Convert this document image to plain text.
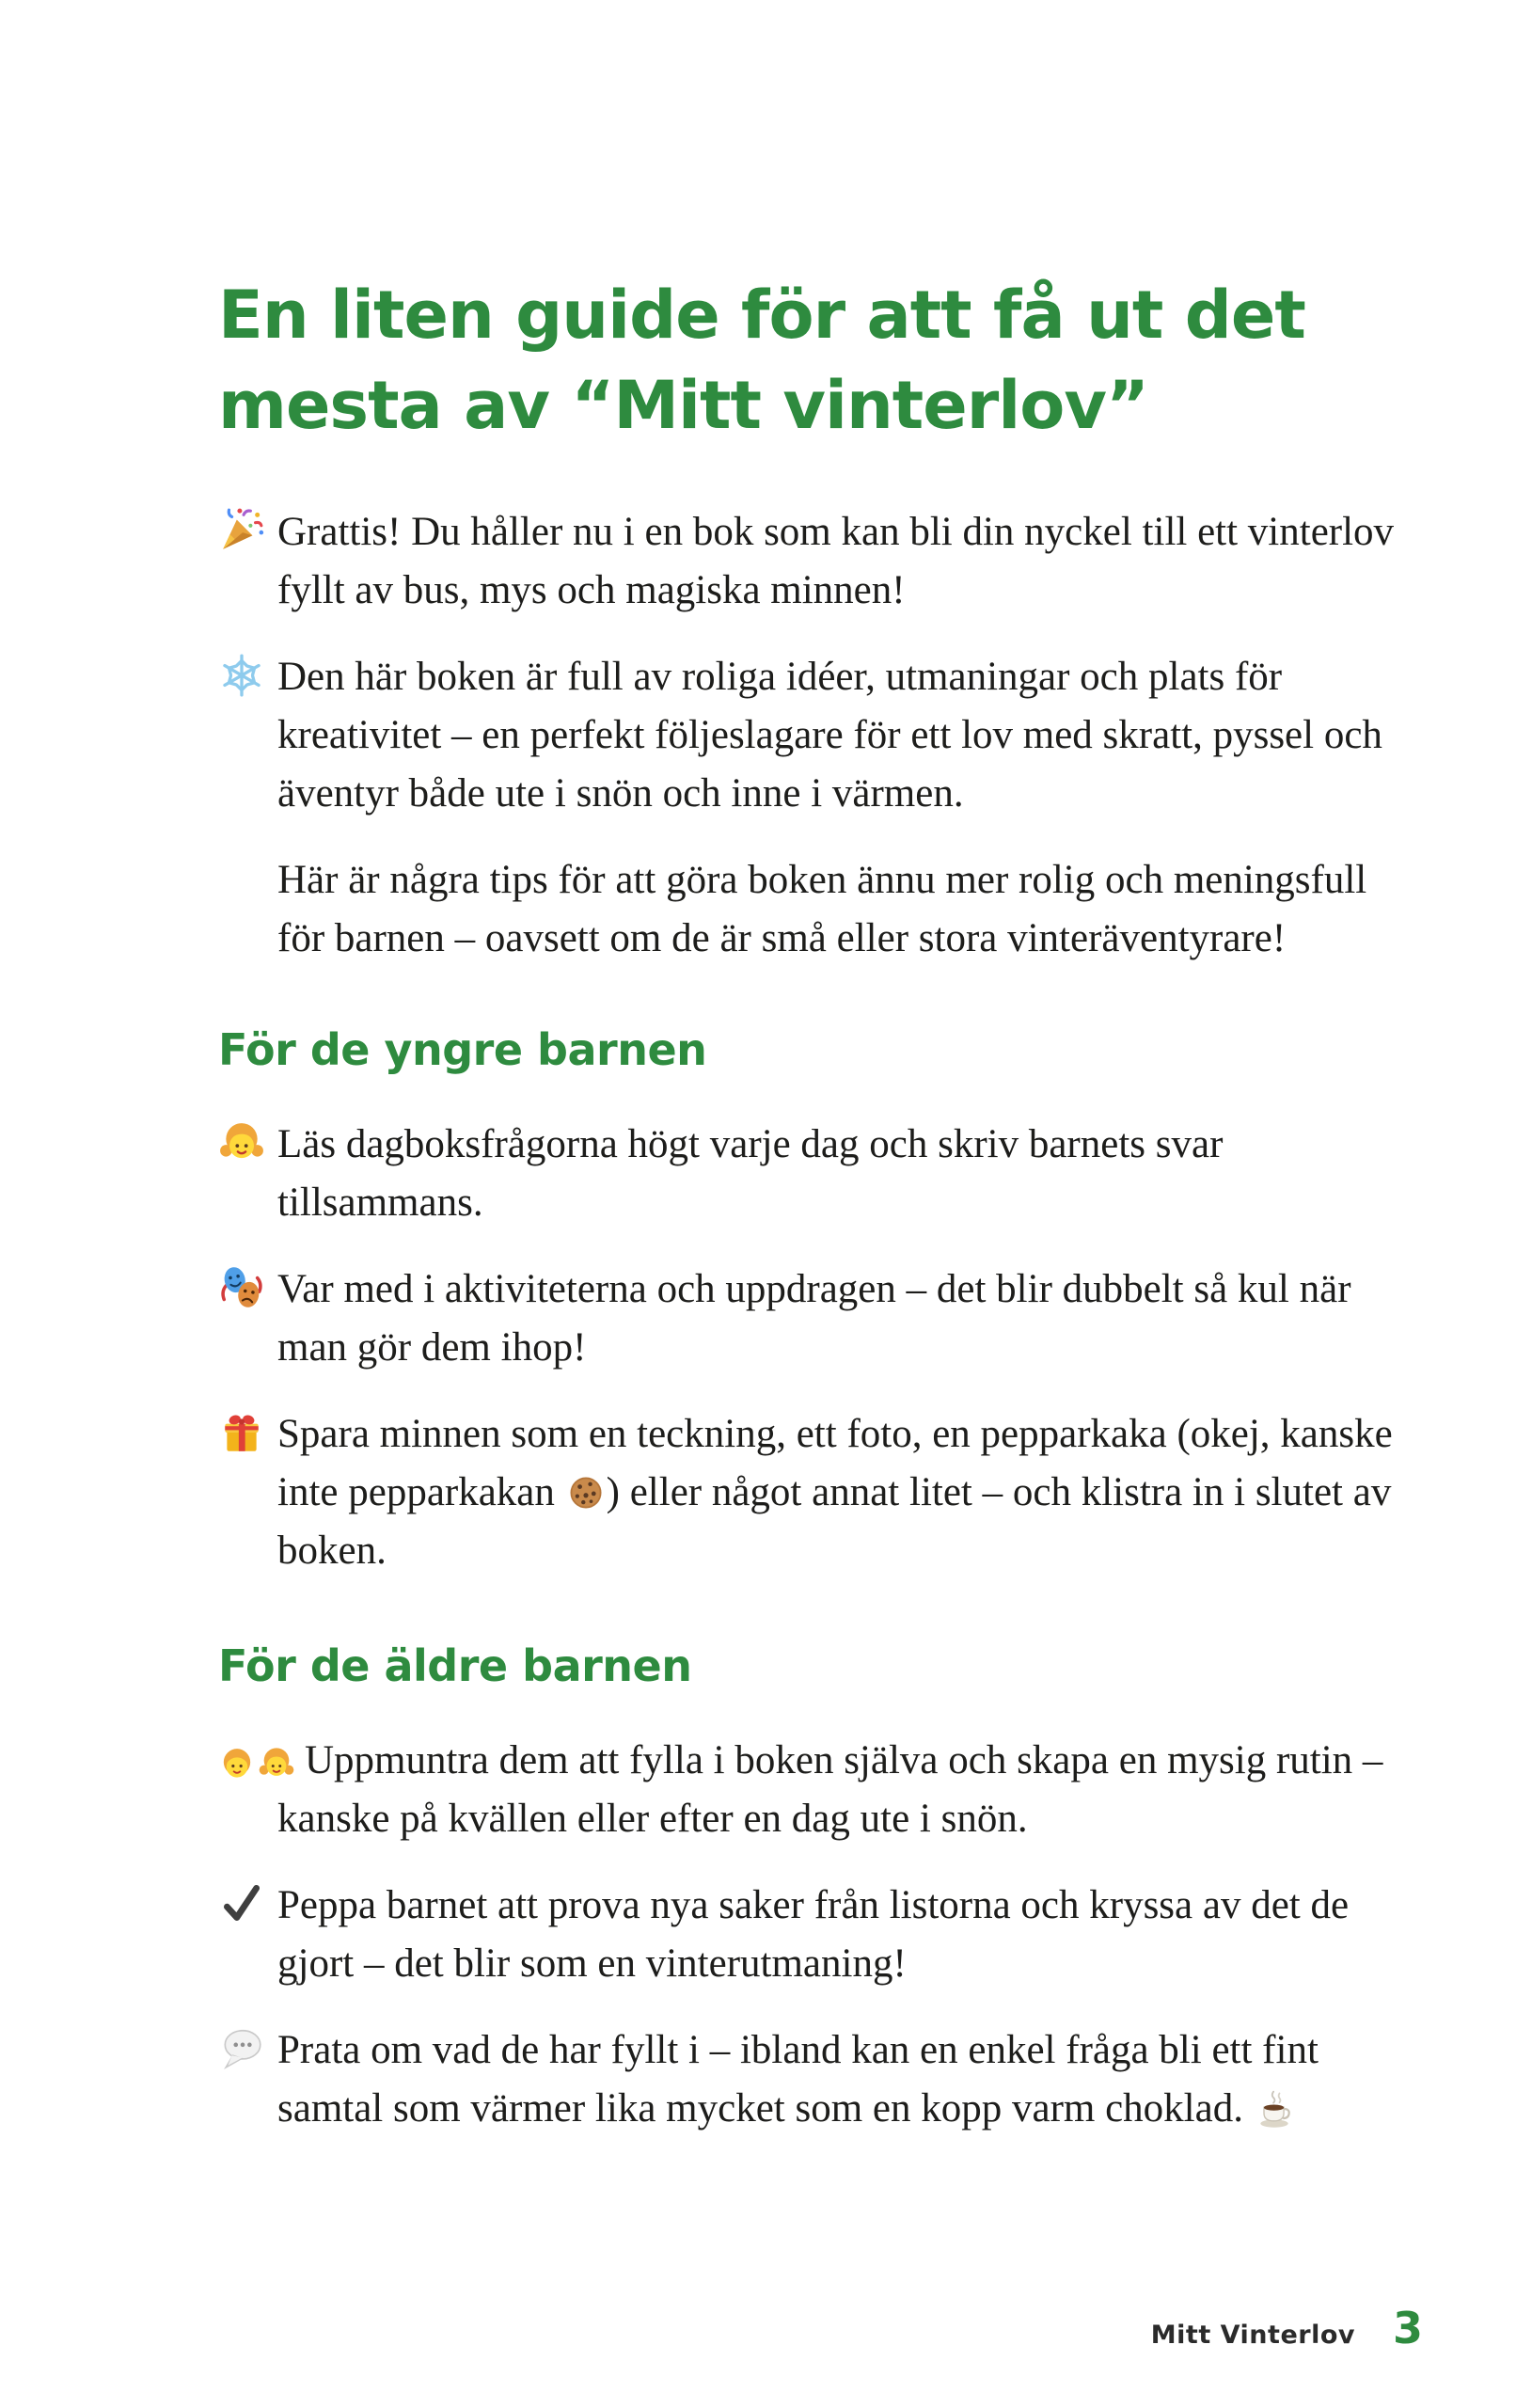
En liten guide för att få ut det
mesta av “Mitt vinterlov”

Grattis! Du håller nu i en bok som kan bli din nyckel till ett vinterlov fyllt av bus, mys och magiska minnen!

Den här boken är full av roliga idéer, utmaningar och plats för kreativitet – en perfekt följeslagare för ett lov med skratt, pyssel och äventyr både ute i snön och inne i värmen.

Här är några tips för att göra boken ännu mer rolig och meningsfull för barnen – oavsett om de är små eller stora vinteräventyrare!

För de yngre barnen

Läs dagboksfrågorna högt varje dag och skriv barnets svar tillsammans.

Var med i aktiviteterna och uppdragen – det blir dubbelt så kul när man gör dem ihop!

Spara minnen som en teckning, ett foto, en pepparkaka (okej, kanske inte pepparkakan ) eller något annat litet – och klistra in i slutet av boken.

För de äldre barnen

Uppmuntra dem att fylla i boken själva och skapa en mysig rutin – kanske på kvällen eller efter en dag ute i snön.

Peppa barnet att prova nya saker från listorna och kryssa av det de gjort – det blir som en vinterutmaning!

Prata om vad de har fyllt i – ibland kan en enkel fråga bli ett fint samtal som värmer lika mycket som en kopp varm choklad.

Mitt Vinterlov 3
